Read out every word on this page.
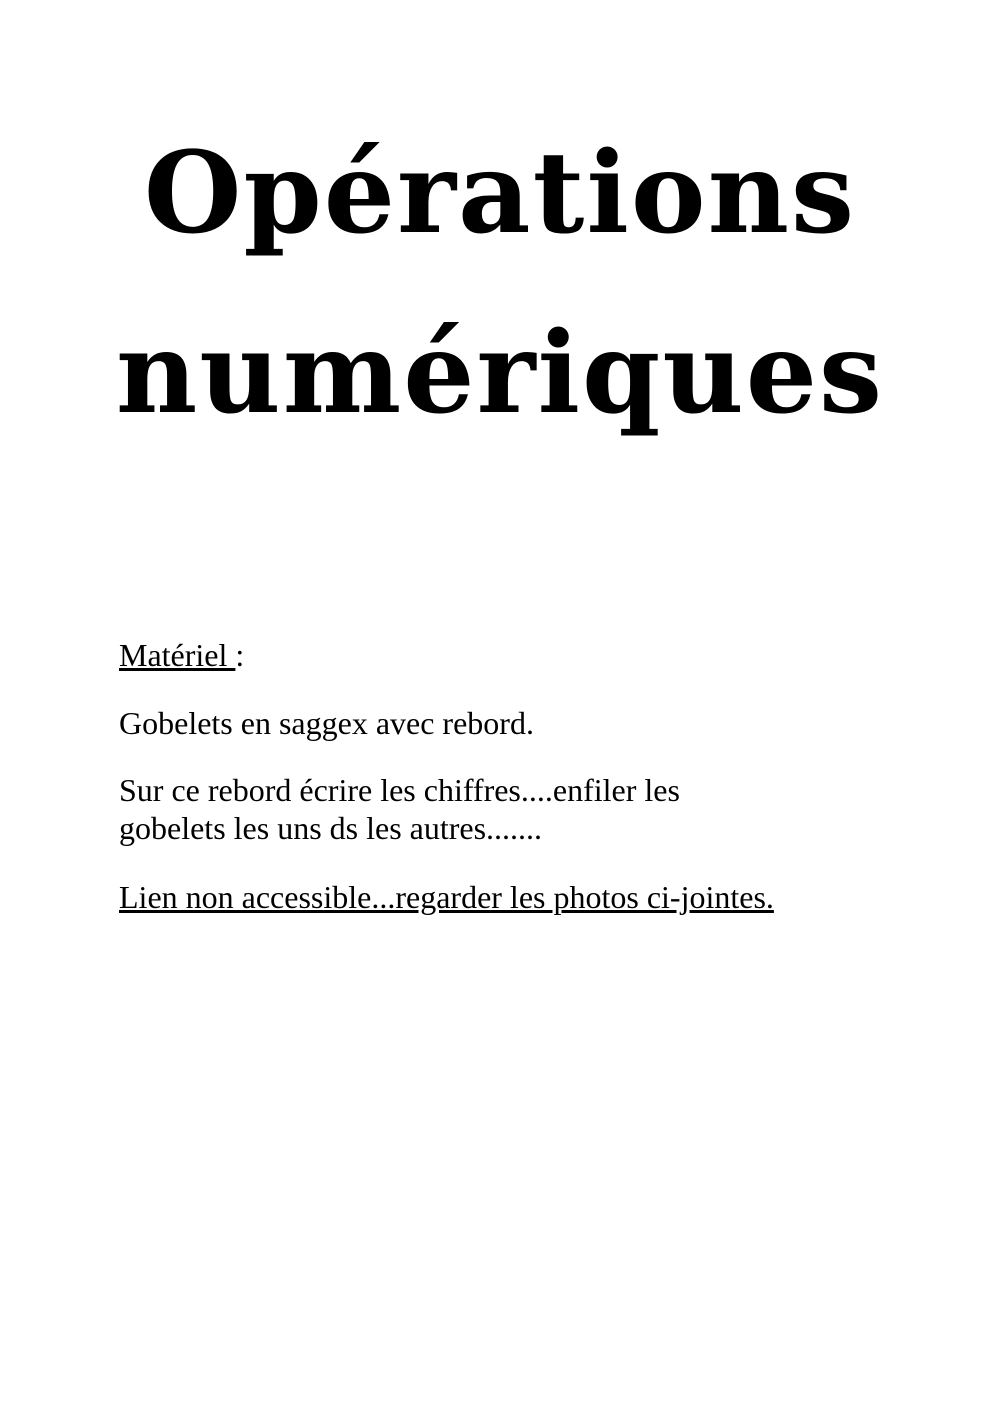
Opérations
numériques

Matériel :

Gobelets en saggex avec rebord.

Sur ce rebord écrire les chiffres....enfiler les
gobelets les uns ds les autres.......

Lien non accessible...regarder les photos ci-jointes.
